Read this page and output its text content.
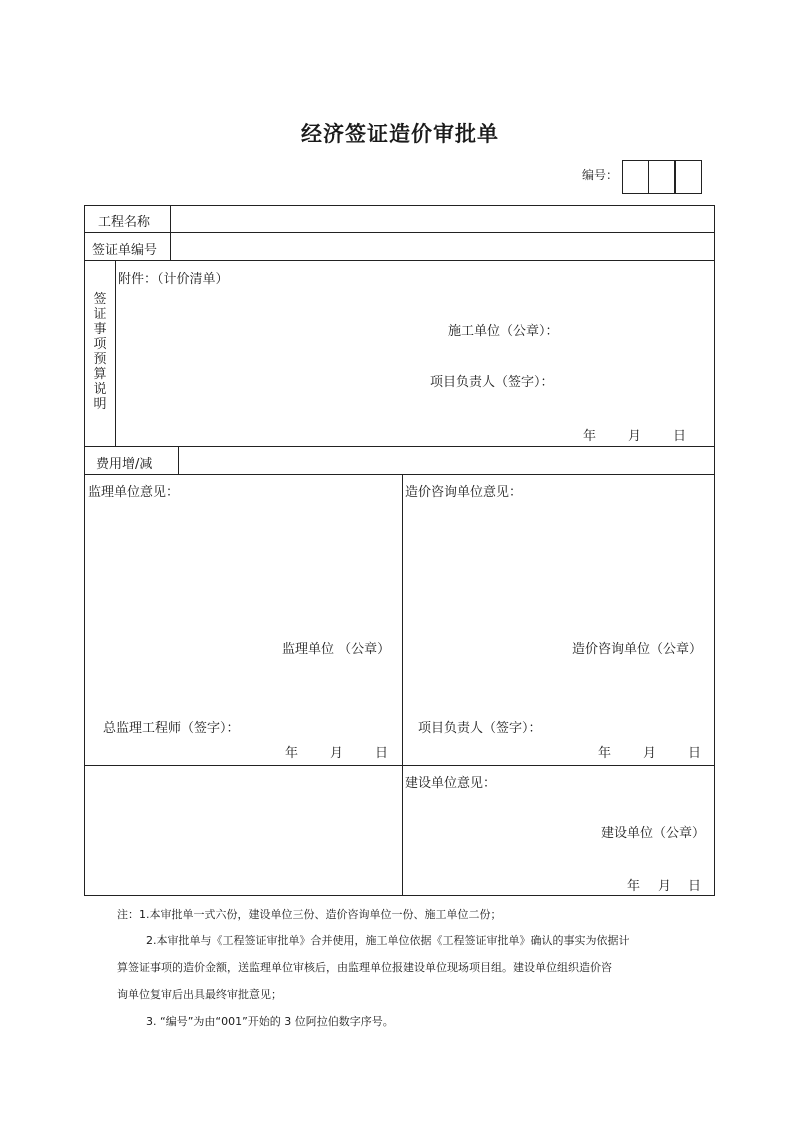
经济签证造价审批单
编号：
工程名称
签证单编号
签证事项预算说明
附件：（计价清单）
施工单位（公章）：
项目负责人（签字）：
年 月 日
费用增/减
监理单位意见：
监理单位 （公章）
总监理工程师（签字）：
年 月 日
造价咨询单位意见：
造价咨询单位（公章）
项目负责人（签字）：
年 月 日
建设单位意见：
建设单位（公章）
年 月 日
注：1.本审批单一式六份，建设单位三份、造价咨询单位一份、施工单位二份；
2.本审批单与《工程签证审批单》合并使用，施工单位依据《工程签证审批单》确认的事实为依据计
算签证事项的造价金额，送监理单位审核后，由监理单位报建设单位现场项目组。建设单位组织造价咨
询单位复审后出具最终审批意见；
3. “编号”为由“001”开始的 3 位阿拉伯数字序号。
